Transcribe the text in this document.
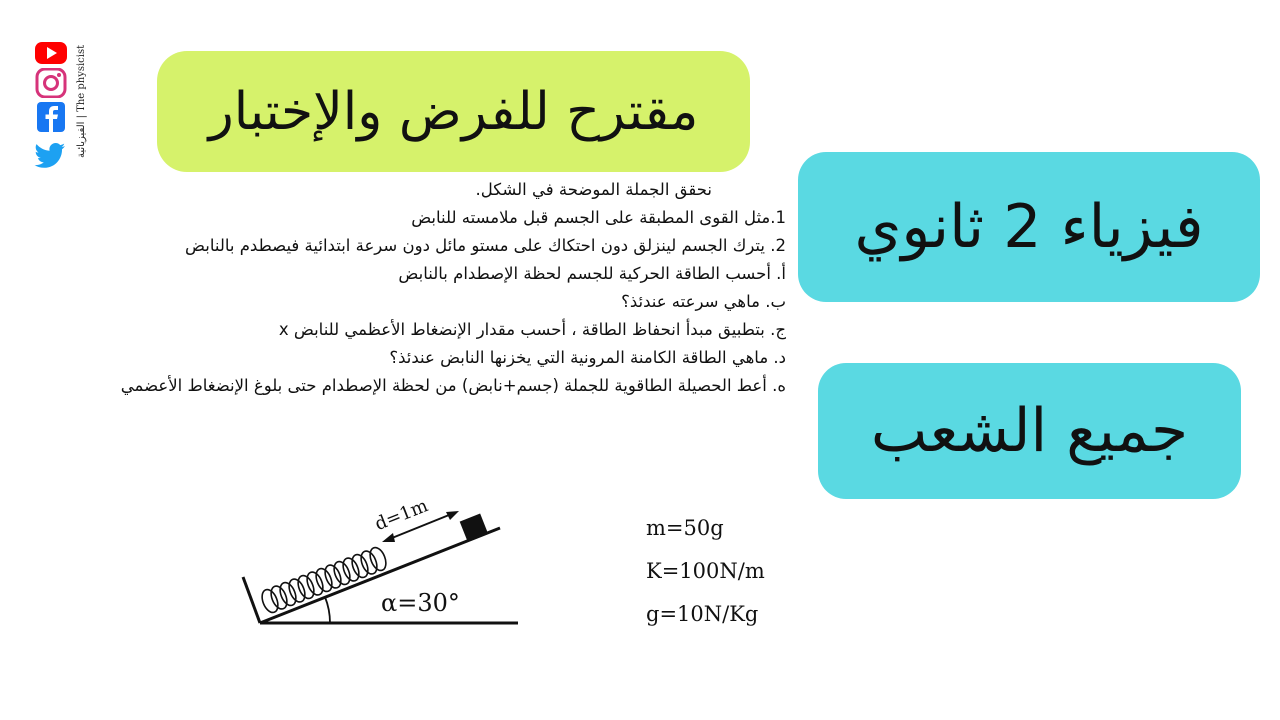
الفيزيائية | The physicist	مقترح للفرض والإختبار
فيزياء 2 ثانوي
جميع الشعب
نحقق الجملة الموضحة في الشكل.
1.مثل القوى المطبقة على الجسم قبل ملامسته للنابض
2. يترك الجسم لينزلق دون احتكاك على مستو مائل دون سرعة ابتدائية فيصطدم بالنابض
أ. أحسب الطاقة الحركية للجسم لحظة الإصطدام بالنابض
ب. ماهي سرعته عندئذ؟
ج. بتطبيق مبدأ انحفاظ الطاقة ، أحسب مقدار الإنضغاط الأعظمي للنابض x
د. ماهي الطاقة الكامنة المرونية التي يخزنها النابض عندئذ؟
ه. أعط الحصيلة الطاقوية للجملة (جسم+نابض) من لحظة الإصطدام حتى بلوغ الإنضغاط الأعضمي
d=1m
α=30°
m=50g
K=100N/m
g=10N/Kg
